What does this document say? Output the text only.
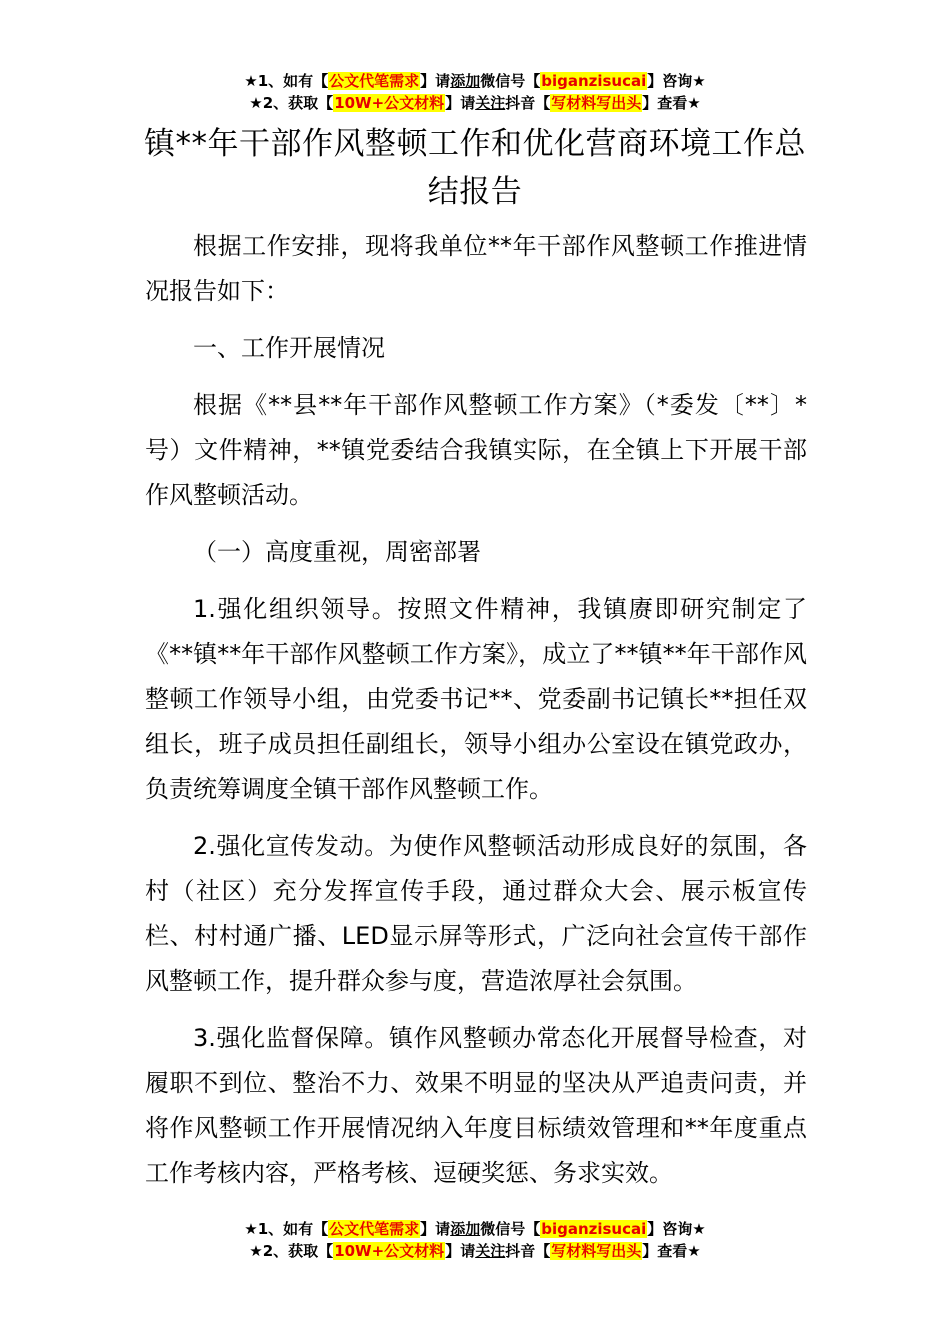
★1、如有【公文代笔需求】请添加微信号【biganzisucai】咨询★
★2、获取【10W+公文材料】请关注抖音【写材料写出头】查看★
镇**年干部作风整顿工作和优化营商环境工作总结报告

根据工作安排，现将我单位**年干部作风整顿工作推进情况报告如下：

一、工作开展情况

根据《**县**年干部作风整顿工作方案》（*委发〔**〕*号）文件精神，**镇党委结合我镇实际，在全镇上下开展干部作风整顿活动。

（一）高度重视，周密部署

1.强化组织领导。按照文件精神，我镇赓即研究制定了《**镇**年干部作风整顿工作方案》，成立了**镇**年干部作风整顿工作领导小组，由党委书记**、党委副书记镇长**担任双组长，班子成员担任副组长，领导小组办公室设在镇党政办，负责统筹调度全镇干部作风整顿工作。

2.强化宣传发动。为使作风整顿活动形成良好的氛围，各村（社区）充分发挥宣传手段，通过群众大会、展示板宣传栏、村村通广播、LED显示屏等形式，广泛向社会宣传干部作风整顿工作，提升群众参与度，营造浓厚社会氛围。

3.强化监督保障。镇作风整顿办常态化开展督导检查，对履职不到位、整治不力、效果不明显的坚决从严追责问责，并将作风整顿工作开展情况纳入年度目标绩效管理和**年度重点工作考核内容，严格考核、逗硬奖惩、务求实效。

★1、如有【公文代笔需求】请添加微信号【biganzisucai】咨询★
★2、获取【10W+公文材料】请关注抖音【写材料写出头】查看★
